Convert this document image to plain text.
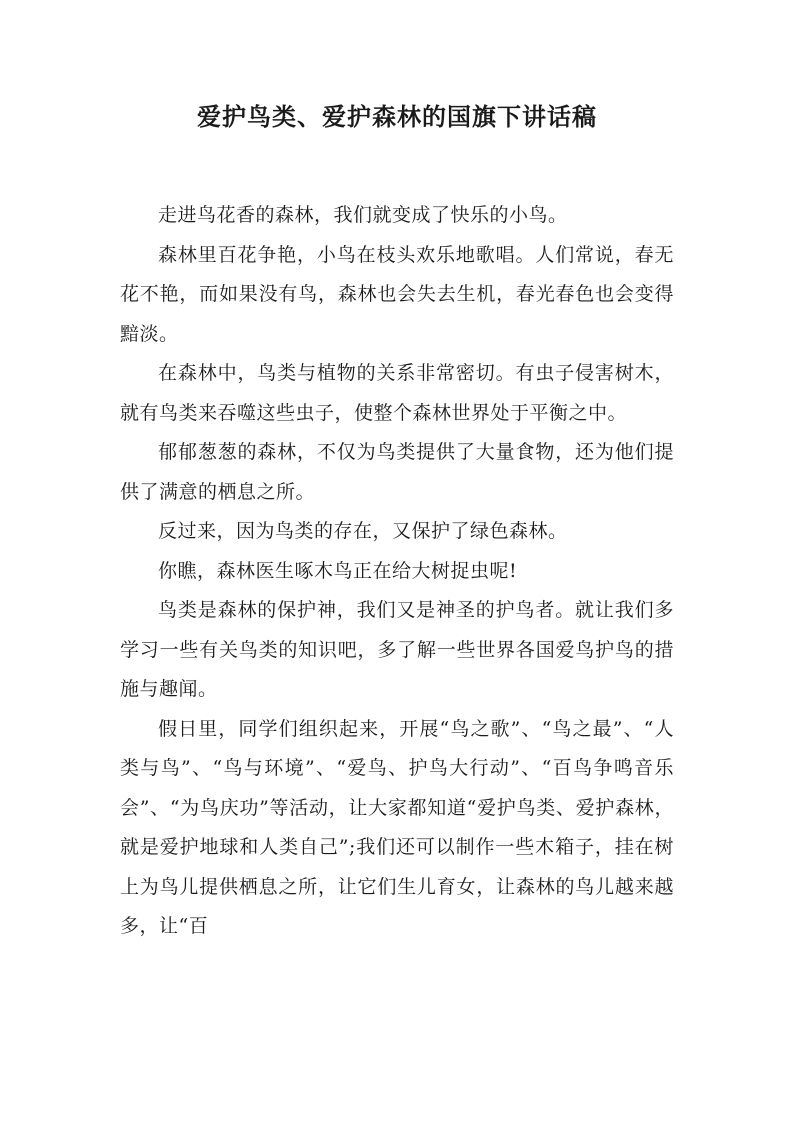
爱护鸟类、爱护森林的国旗下讲话稿

走进鸟花香的森林，我们就变成了快乐的小鸟。

森林里百花争艳，小鸟在枝头欢乐地歌唱。人们常说，春无花不艳，而如果没有鸟，森林也会失去生机，春光春色也会变得黯淡。

在森林中，鸟类与植物的关系非常密切。有虫子侵害树木，就有鸟类来吞噬这些虫子，使整个森林世界处于平衡之中。

郁郁葱葱的森林，不仅为鸟类提供了大量食物，还为他们提供了满意的栖息之所。

反过来，因为鸟类的存在，又保护了绿色森林。

你瞧，森林医生啄木鸟正在给大树捉虫呢!

鸟类是森林的保护神，我们又是神圣的护鸟者。就让我们多学习一些有关鸟类的知识吧，多了解一些世界各国爱鸟护鸟的措施与趣闻。

假日里，同学们组织起来，开展“鸟之歌”、“鸟之最”、“人类与鸟”、“鸟与环境”、“爱鸟、护鸟大行动”、“百鸟争鸣音乐会”、“为鸟庆功”等活动，让大家都知道“爱护鸟类、爱护森林，就是爱护地球和人类自己”;我们还可以制作一些木箱子，挂在树上为鸟儿提供栖息之所，让它们生儿育女，让森林的鸟儿越来越多，让“百
